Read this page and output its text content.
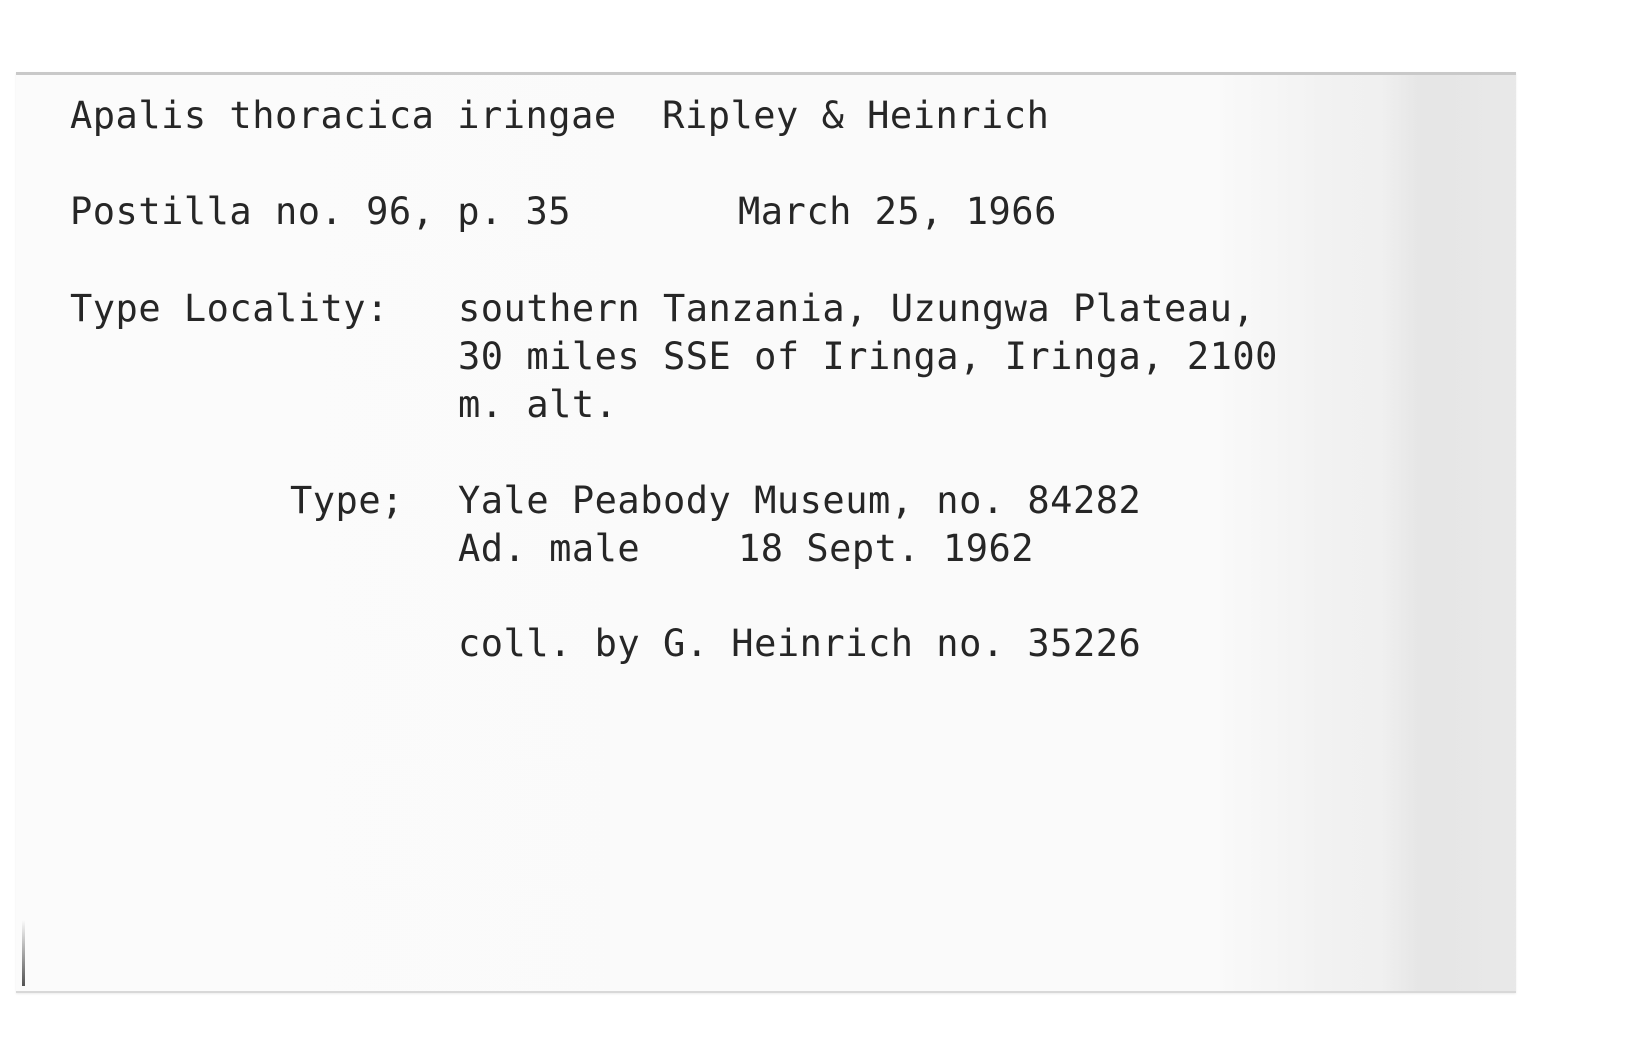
Apalis thoracica iringae  Ripley & Heinrich
Postilla no. 96, p. 35	March 25, 1966
Type Locality: southern Tanzania, Uzungwa Plateau,
30 miles SSE of Iringa, Iringa, 2100
m. alt.
Type; Yale Peabody Museum, no. 84282
Ad. male	18 Sept. 1962
coll. by G. Heinrich no. 35226
